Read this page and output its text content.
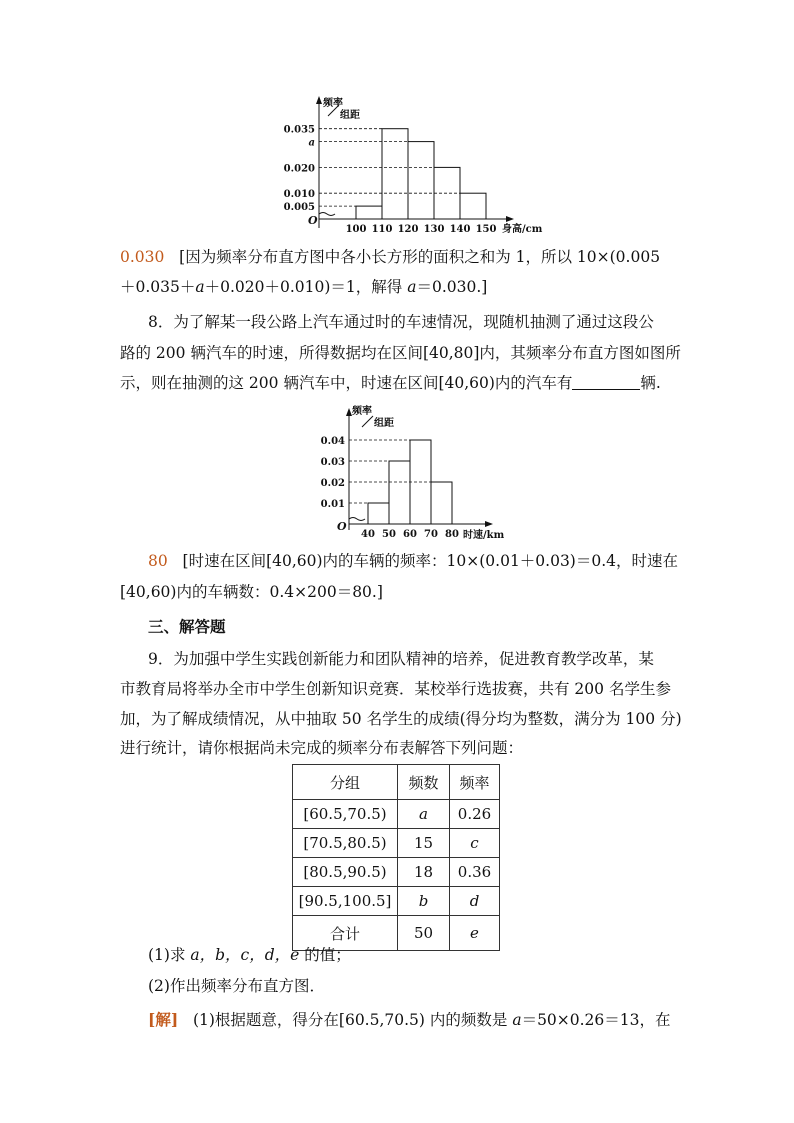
频率
组距
O
身高/cm
0.035
a
0.020
0.010
0.005
100 110 120 130 140 150
0.030 [因为频率分布直方图中各小长方形的面积之和为 1，所以 10×(0.005
＋0.035＋a＋0.020＋0.010)＝1，解得 a＝0.030.]
8．为了解某一段公路上汽车通过时的车速情况，现随机抽测了通过这段公
路的 200 辆汽车的时速，所得数据均在区间[40,80]内，其频率分布直方图如图所
示，则在抽测的这 200 辆汽车中，时速在区间[40,60)内的汽车有	辆.
频率
组距
O
时速/km
0.04
0.03
0.02
0.01
40 50 60 70 80
80 [时速在区间[40,60)内的车辆的频率：10×(0.01＋0.03)＝0.4，时速在
[40,60)内的车辆数：0.4×200＝80.]
三、解答题
9．为加强中学生实践创新能力和团队精神的培养，促进教育教学改革，某
市教育局将举办全市中学生创新知识竞赛．某校举行选拔赛，共有 200 名学生参
加，为了解成绩情况，从中抽取 50 名学生的成绩(得分均为整数，满分为 100 分)
进行统计，请你根据尚未完成的频率分布表解答下列问题：
分组	频数	频率
[60.5,70.5)	a	0.26
[70.5,80.5)	15	c
[80.5,90.5)	18	0.36
[90.5,100.5]	b	d
合计	50	e
(1)求 a，b，c，d，e 的值；
(2)作出频率分布直方图．
[解] (1)根据题意，得分在[60.5,70.5) 内的频数是 a＝50×0.26＝13，在
